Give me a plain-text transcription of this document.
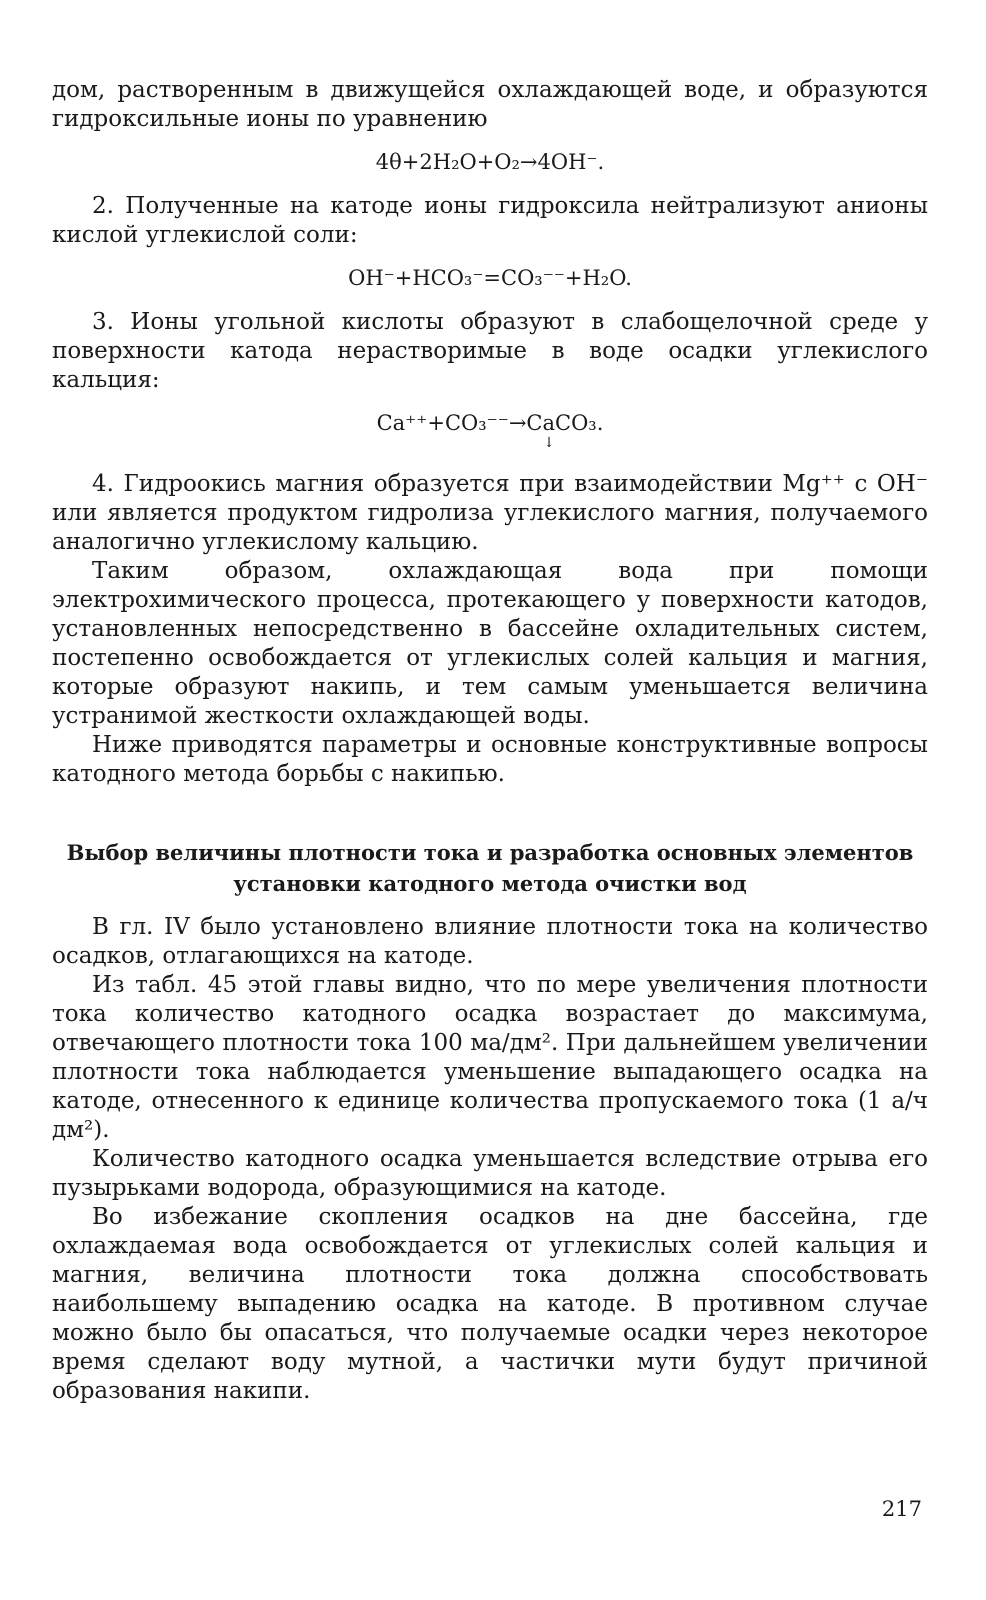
дом, растворенным в движущейся охлаждающей воде, и образуются гидроксильные ионы по уравнению

4θ+2H₂O+O₂→4OH⁻.

2. Полученные на катоде ионы гидроксила нейтрализуют анионы кислой углекислой соли:

OH⁻+HCO₃⁻=CO₃⁻⁻+H₂O.

3. Ионы угольной кислоты образуют в слабощелочной среде у поверхности катода нерастворимые в воде осадки углекислого кальция:

Ca⁺⁺+CO₃⁻⁻→CaCO₃.
↓

4. Гидроокись магния образуется при взаимодействии Mg⁺⁺ с OH⁻ или является продуктом гидролиза углекислого магния, получаемого аналогично углекислому кальцию.

Таким образом, охлаждающая вода при помощи электрохимического процесса, протекающего у поверхности катодов, установленных непосредственно в бассейне охладительных систем, постепенно освобождается от углекислых солей кальция и магния, которые образуют накипь, и тем самым уменьшается величина устранимой жесткости охлаждающей воды.

Ниже приводятся параметры и основные конструктивные вопросы катодного метода борьбы с накипью.

Выбор величины плотности тока и разработка основных элементов установки катодного метода очистки вод

В гл. IV было установлено влияние плотности тока на количество осадков, отлагающихся на катоде.

Из табл. 45 этой главы видно, что по мере увеличения плотности тока количество катодного осадка возрастает до максимума, отвечающего плотности тока 100 ма/дм². При дальнейшем увеличении плотности тока наблюдается уменьшение выпадающего осадка на катоде, отнесенного к единице количества пропускаемого тока (1 а/ч дм²).

Количество катодного осадка уменьшается вследствие отрыва его пузырьками водорода, образующимися на катоде.

Во избежание скопления осадков на дне бассейна, где охлаждаемая вода освобождается от углекислых солей кальция и магния, величина плотности тока должна способствовать наибольшему выпадению осадка на катоде. В противном случае можно было бы опасаться, что получаемые осадки через некоторое время сделают воду мутной, а частички мути будут причиной образования накипи.

217
